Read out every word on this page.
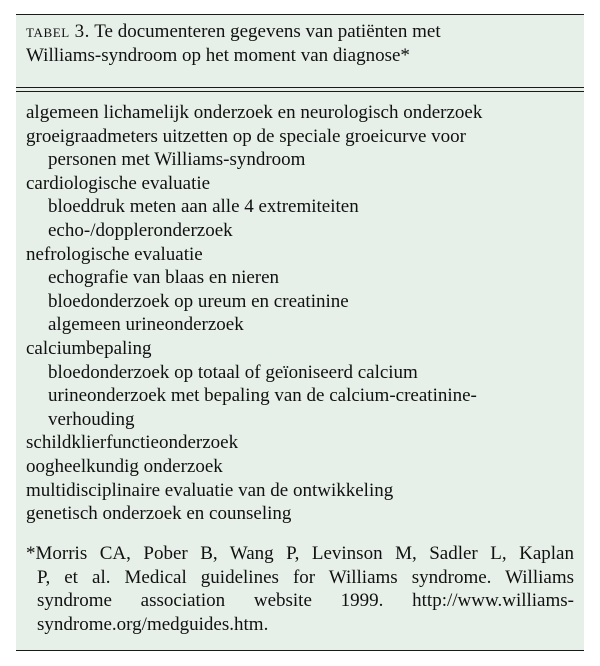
tabel 3. Te documenteren gegevens van patiënten met
Williams-syndroom op het moment van diagnose*
algemeen lichamelijk onderzoek en neurologisch onderzoek
groeigraadmeters uitzetten op de speciale groeicurve voor
personen met Williams-syndroom
cardiologische evaluatie
bloeddruk meten aan alle 4 extremiteiten
echo-/doppleronderzoek
nefrologische evaluatie
echografie van blaas en nieren
bloedonderzoek op ureum en creatinine
algemeen urineonderzoek
calciumbepaling
bloedonderzoek op totaal of geïoniseerd calcium
urineonderzoek met bepaling van de calcium-creatinine-
verhouding
schildklierfunctieonderzoek
oogheelkundig onderzoek
multidisciplinaire evaluatie van de ontwikkeling
genetisch onderzoek en counseling
*Morris CA, Pober B, Wang P, Levinson M, Sadler L, Kaplan
P, et al. Medical guidelines for Williams syndrome. Williams
syndrome association website 1999. http://www.williams-
syndrome.org/medguides.htm.
